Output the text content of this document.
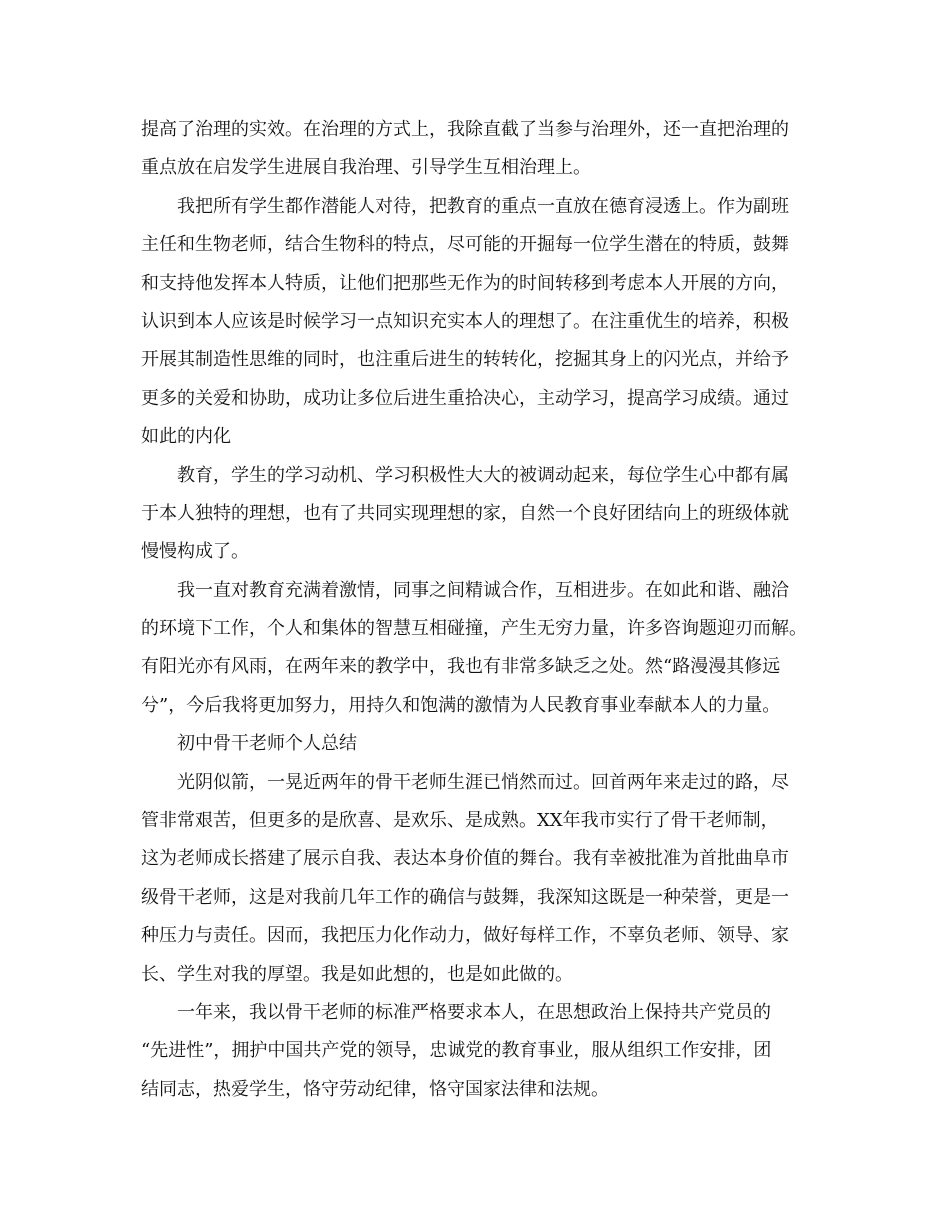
提高了治理的实效。在治理的方式上，我除直截了当参与治理外，还一直把治理的
重点放在启发学生进展自我治理、引导学生互相治理上。
我把所有学生都作潜能人对待，把教育的重点一直放在德育浸透上。作为副班
主任和生物老师，结合生物科的特点，尽可能的开掘每一位学生潜在的特质，鼓舞
和支持他发挥本人特质，让他们把那些无作为的时间转移到考虑本人开展的方向，
认识到本人应该是时候学习一点知识充实本人的理想了。在注重优生的培养，积极
开展其制造性思维的同时，也注重后进生的转转化，挖掘其身上的闪光点，并给予
更多的关爱和协助，成功让多位后进生重拾决心，主动学习，提高学习成绩。通过
如此的内化
教育，学生的学习动机、学习积极性大大的被调动起来，每位学生心中都有属
于本人独特的理想，也有了共同实现理想的家，自然一个良好团结向上的班级体就
慢慢构成了。
我一直对教育充满着激情，同事之间精诚合作，互相进步。在如此和谐、融洽
的环境下工作，个人和集体的智慧互相碰撞，产生无穷力量，许多咨询题迎刃而解。
有阳光亦有风雨，在两年来的教学中，我也有非常多缺乏之处。然“路漫漫其修远
兮”，今后我将更加努力，用持久和饱满的激情为人民教育事业奉献本人的力量。
初中骨干老师个人总结
光阴似箭，一晃近两年的骨干老师生涯已悄然而过。回首两年来走过的路，尽
管非常艰苦，但更多的是欣喜、是欢乐、是成熟。XX年我市实行了骨干老师制，
这为老师成长搭建了展示自我、表达本身价值的舞台。我有幸被批准为首批曲阜市
级骨干老师，这是对我前几年工作的确信与鼓舞，我深知这既是一种荣誉，更是一
种压力与责任。因而，我把压力化作动力，做好每样工作，不辜负老师、领导、家
长、学生对我的厚望。我是如此想的，也是如此做的。
一年来，我以骨干老师的标准严格要求本人，在思想政治上保持共产党员的
“先进性”，拥护中国共产党的领导，忠诚党的教育事业，服从组织工作安排，团
结同志，热爱学生，恪守劳动纪律，恪守国家法律和法规。
